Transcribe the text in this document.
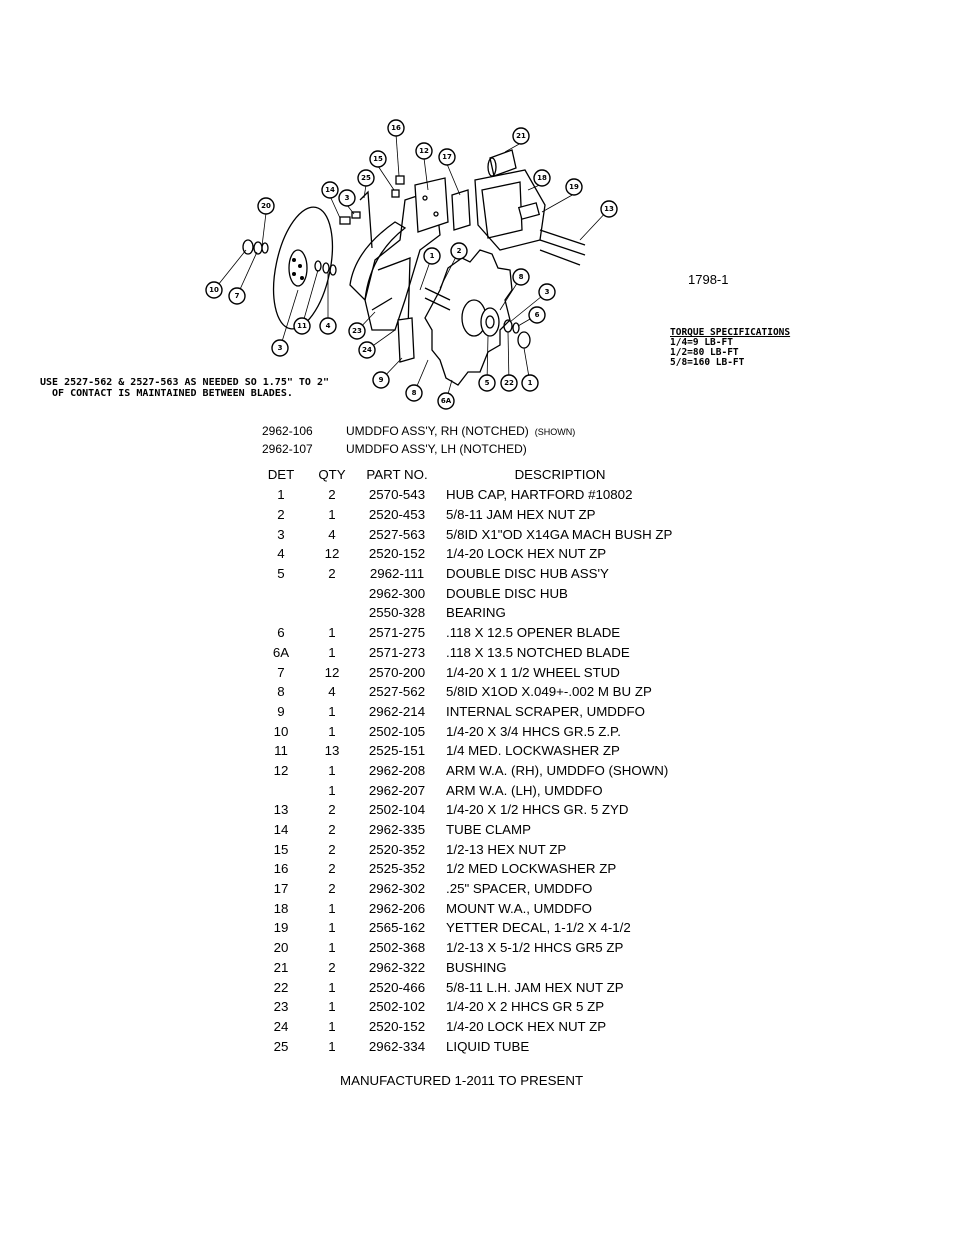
16
12
21
15
25
17
18
19
13
14
3
20
10
7
11	4
3
1
2
8
3
6
23
24
9
8
6A
5 22 1
1798-1
TORQUE SPECIFICATIONS
1/4=9 LB-FT
1/2=80 LB-FT
5/8=160 LB-FT
USE 2527-562 & 2527-563 AS NEEDED SO 1.75" TO 2"
OF CONTACT IS MAINTAINED BETWEEN BLADES.
2962-106	UMDDFO ASS'Y, RH (NOTCHED) (SHOWN)
2962-107	UMDDFO ASS'Y, LH (NOTCHED)
DET	QTY	PART NO.	DESCRIPTION
1	2	2570-543	HUB CAP, HARTFORD #10802
2	1	2520-453	5/8-11 JAM HEX NUT ZP
3	4	2527-563	5/8ID X1"OD X14GA MACH BUSH ZP
4	12	2520-152	1/4-20 LOCK HEX NUT ZP
5	2	2962-111	DOUBLE DISC HUB ASS'Y
		2962-300	DOUBLE DISC HUB
		2550-328	BEARING
6	1	2571-275	.118 X 12.5 OPENER BLADE
6A	1	2571-273	.118 X 13.5 NOTCHED BLADE
7	12	2570-200	1/4-20 X 1 1/2 WHEEL STUD
8	4	2527-562	5/8ID X1OD X.049+-.002 M BU ZP
9	1	2962-214	INTERNAL SCRAPER, UMDDFO
10	1	2502-105	1/4-20 X 3/4 HHCS GR.5 Z.P.
11	13	2525-151	1/4 MED. LOCKWASHER ZP
12	1	2962-208	ARM W.A. (RH), UMDDFO (SHOWN)
	1	2962-207	ARM W.A. (LH), UMDDFO
13	2	2502-104	1/4-20 X 1/2 HHCS GR. 5 ZYD
14	2	2962-335	TUBE CLAMP
15	2	2520-352	1/2-13 HEX NUT ZP
16	2	2525-352	1/2 MED LOCKWASHER ZP
17	2	2962-302	.25" SPACER, UMDDFO
18	1	2962-206	MOUNT W.A., UMDDFO
19	1	2565-162	YETTER DECAL, 1-1/2 X 4-1/2
20	1	2502-368	1/2-13 X 5-1/2 HHCS GR5 ZP
21	2	2962-322	BUSHING
22	1	2520-466	5/8-11 L.H. JAM HEX NUT ZP
23	1	2502-102	1/4-20 X 2 HHCS GR 5 ZP
24	1	2520-152	1/4-20 LOCK HEX NUT ZP
25	1	2962-334	LIQUID TUBE
MANUFACTURED 1-2011 TO PRESENT
